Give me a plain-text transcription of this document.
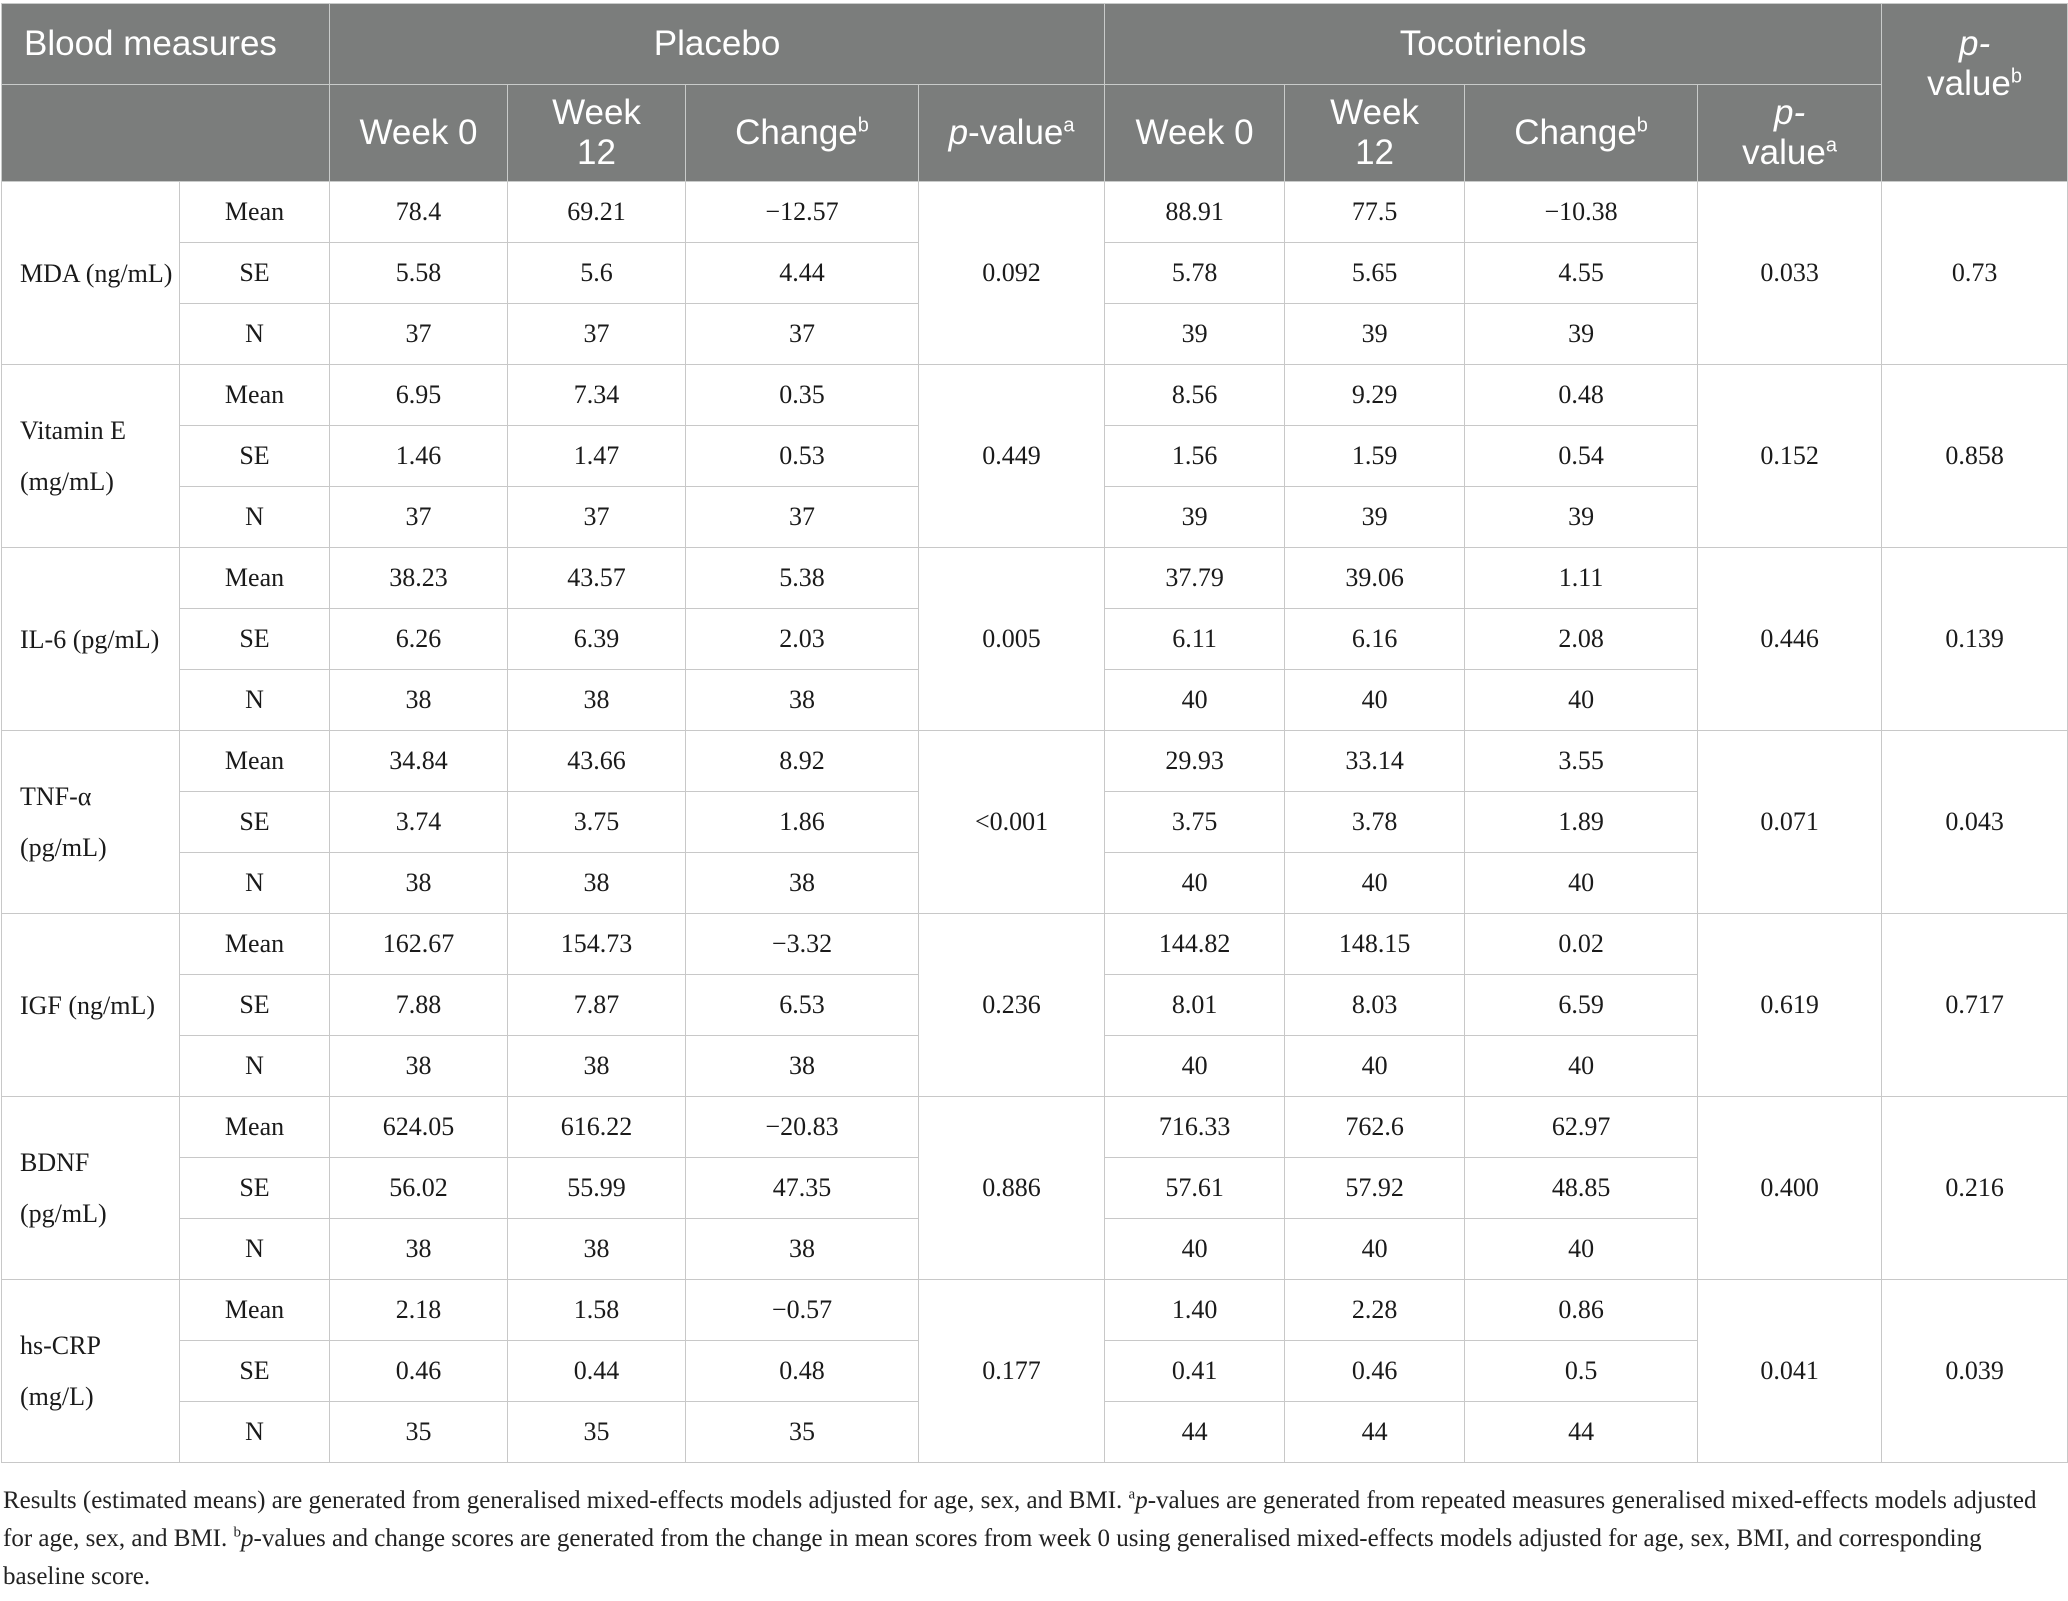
Blood measures		Placebo				Tocotrienols				p-
value$^b$
		Week 0	Week 12	Change$^b$	p-value$^a$	Week 0	Week 12	Change$^b$	p-
value$^a$
MDA (ng/mL)	Mean	78.4	69.21	−12.57	0.092	88.91	77.5	−10.38	0.033	0.73
	SE	5.58	5.6	4.44		5.78	5.65	4.55		
	N	37	37	37		39	39	39		
Vitamin E (mg/mL)	Mean	6.95	7.34	0.35	0.449	8.56	9.29	0.48	0.152	0.858
	SE	1.46	1.47	0.53		1.56	1.59	0.54		
	N	37	37	37		39	39	39		
IL-6 (pg/mL)	Mean	38.23	43.57	5.38	0.005	37.79	39.06	1.11	0.446	0.139
	SE	6.26	6.39	2.03		6.11	6.16	2.08		
	N	38	38	38		40	40	40		
TNF-α (pg/mL)	Mean	34.84	43.66	8.92	<0.001	29.93	33.14	3.55	0.071	0.043
	SE	3.74	3.75	1.86		3.75	3.78	1.89		
	N	38	38	38		40	40	40		
IGF (ng/mL)	Mean	162.67	154.73	−3.32	0.236	144.82	148.15	0.02	0.619	0.717
	SE	7.88	7.87	6.53		8.01	8.03	6.59		
	N	38	38	38		40	40	40		
BDNF (pg/mL)	Mean	624.05	616.22	−20.83	0.886	716.33	762.6	62.97	0.400	0.216
	SE	56.02	55.99	47.35		57.61	57.92	48.85		
	N	38	38	38		40	40	40		
hs-CRP (mg/L)	Mean	2.18	1.58	−0.57	0.177	1.40	2.28	0.86	0.041	0.039
	SE	0.46	0.44	0.48		0.41	0.46	0.5		
	N	35	35	35		44	44	44		
Results (estimated means) are generated from generalised mixed-effects models adjusted for age, sex, and BMI. $^a$p-values are generated from repeated measures generalised mixed-effects models adjusted for age, sex, and BMI. $^b$p-values and change scores are generated from the change in mean scores from week 0 using generalised mixed-effects models adjusted for age, sex, BMI, and corresponding baseline score.
